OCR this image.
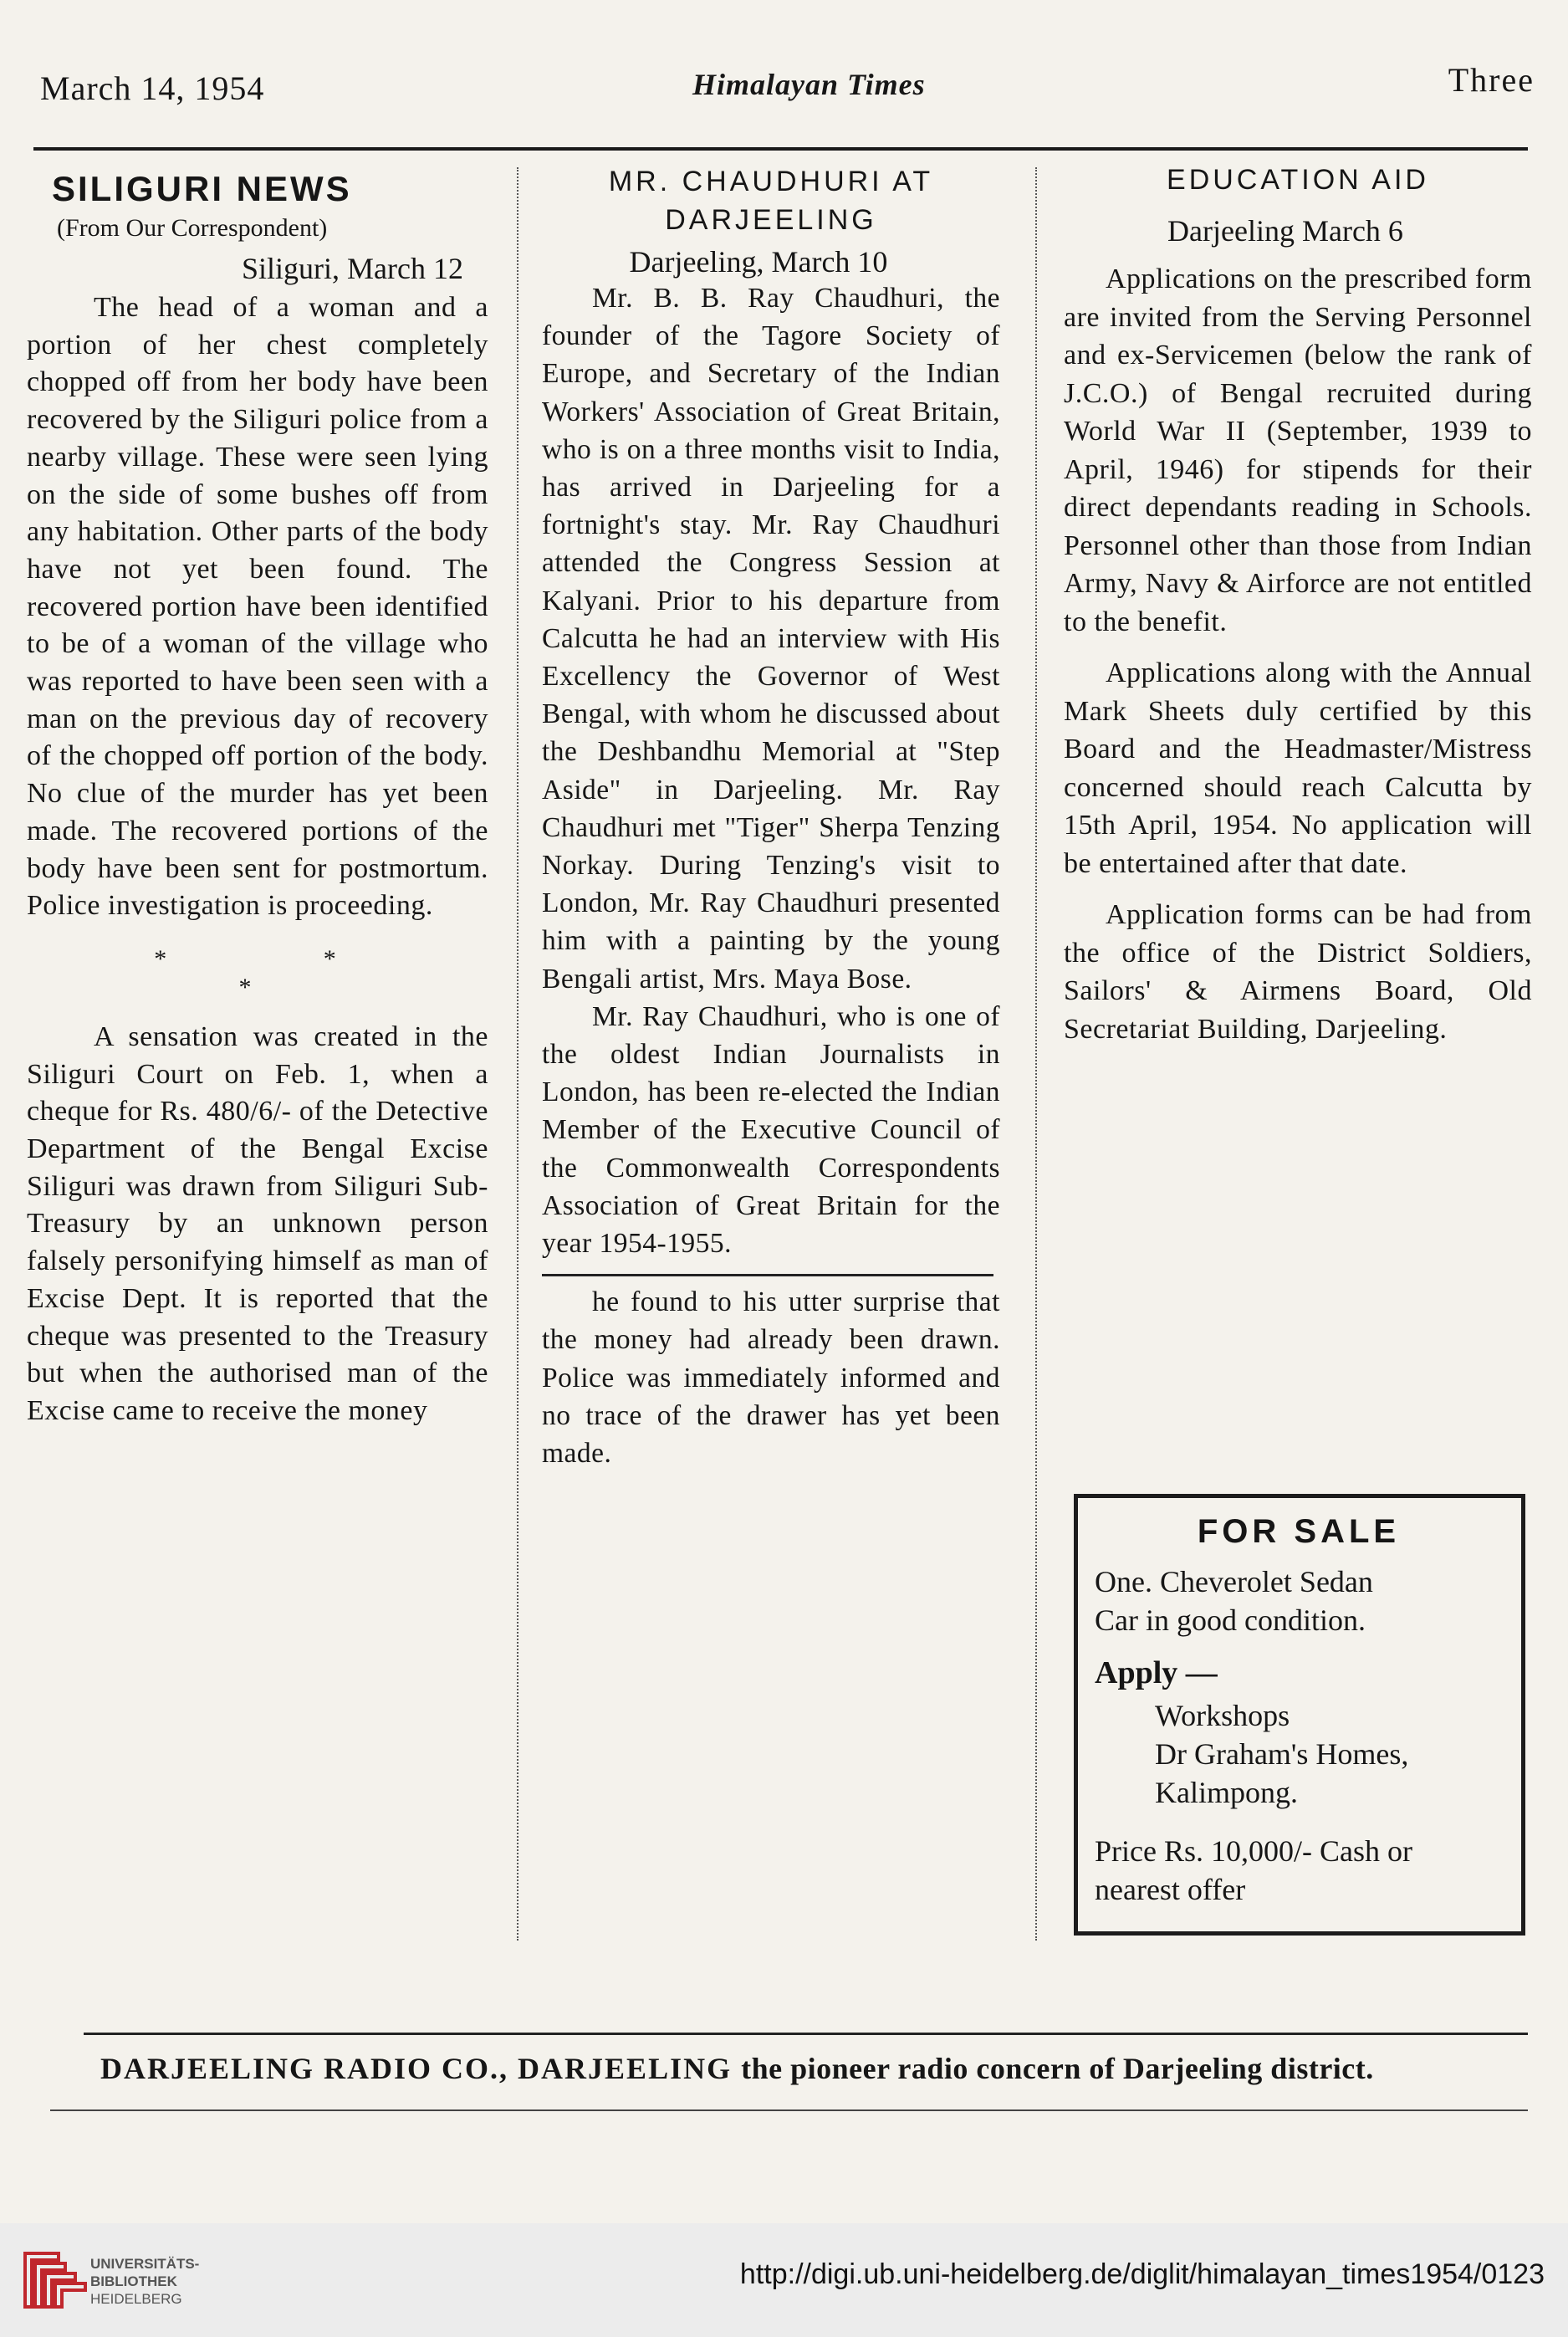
March 14, 1954	Himalayan Times	Three
SILIGURI NEWS
(From Our Correspondent)
Siliguri, March 12

The head of a woman and a portion of her chest completely chopped off from her body have been recovered by the Siliguri police from a nearby village. These were seen lying on the side of some bushes off from any habitation. Other parts of the body have not yet been found. The recovered portion have been identified to be of a woman of the village who was reported to have been seen with a man on the previous day of recovery of the chopped off portion of the body. No clue of the murder has yet been made. The recovered portions of the body have been sent for postmortum. Police investigation is proceeding.

* * *

A sensation was created in the Siliguri Court on Feb. 1, when a cheque for Rs. 480/6/- of the Detective Department of the Bengal Excise Siliguri was drawn from Siliguri Sub-Treasury by an unknown person falsely personifying himself as man of Excise Dept. It is reported that the cheque was presented to the Treasury but when the authorised man of the Excise came to receive the money

MR. CHAUDHURI AT
DARJEELING
Darjeeling, March 10

Mr. B. B. Ray Chaudhuri, the founder of the Tagore Society of Europe, and Secretary of the Indian Workers' Association of Great Britain, who is on a three months visit to India, has arrived in Darjeeling for a fortnight's stay. Mr. Ray Chaudhuri attended the Congress Session at Kalyani. Prior to his departure from Calcutta he had an interview with His Excellency the Governor of West Bengal, with whom he discussed about the Deshbandhu Memorial at "Step Aside" in Darjeeling. Mr. Ray Chaudhuri met "Tiger" Sherpa Tenzing Norkay. During Tenzing's visit to London, Mr. Ray Chaudhuri presented him with a painting by the young Bengali artist, Mrs. Maya Bose.

Mr. Ray Chaudhuri, who is one of the oldest Indian Journalists in London, has been re-elected the Indian Member of the Executive Council of the Commonwealth Correspondents Association of Great Britain for the year 1954-1955.

he found to his utter surprise that the money had already been drawn. Police was immediately informed and no trace of the drawer has yet been made.

EDUCATION AID
Darjeeling March 6

Applications on the prescribed form are invited from the Serving Personnel and ex-Servicemen (below the rank of J.C.O.) of Bengal recruited during World War II (September, 1939 to April, 1946) for stipends for their direct dependants reading in Schools. Personnel other than those from Indian Army, Navy & Airforce are not entitled to the benefit.

Applications along with the Annual Mark Sheets duly certified by this Board and the Headmaster/Mistress concerned should reach Calcutta by 15th April, 1954. No application will be entertained after that date.

Application forms can be had from the office of the District Soldiers, Sailors' & Airmens Board, Old Secretariat Building, Darjeeling.

FOR SALE

One. Cheverolet Sedan

Car in good condition.

Apply —

Workshops

Dr Graham's Homes,

Kalimpong.

Price Rs. 10,000/- Cash or

nearest offer

DARJEELING RADIO CO., DARJEELING the pioneer radio concern of Darjeeling district.
UNIVERSITÄTS-
BIBLIOTHEK
HEIDELBERG
http://digi.ub.uni-heidelberg.de/diglit/himalayan_times1954/0123
